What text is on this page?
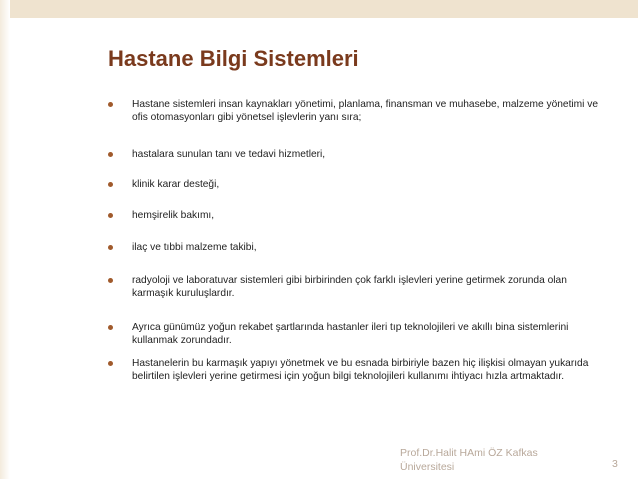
Hastane Bilgi Sistemleri
Hastane sistemleri insan kaynakları yönetimi, planlama, finansman ve muhasebe, malzeme yönetimi ve ofis otomasyonları gibi yönetsel işlevlerin yanı sıra;
hastalara sunulan tanı ve tedavi hizmetleri,
klinik karar desteği,
hemşirelik bakımı,
ilaç ve tıbbi malzeme takibi,
radyoloji ve laboratuvar sistemleri gibi birbirinden çok farklı işlevleri yerine getirmek zorunda olan karmaşık kuruluşlardır.
Ayrıca günümüz yoğun rekabet şartlarında hastanler ileri tıp teknolojileri ve akıllı bina sistemlerini kullanmak zorundadır.
Hastanelerin bu karmaşık yapıyı yönetmek ve bu esnada birbiriyle bazen hiç ilişkisi olmayan yukarıda belirtilen işlevleri yerine getirmesi için yoğun bilgi teknolojileri kullanımı ihtiyacı hızla artmaktadır.
Prof.Dr.Halit HAmi ÖZ Kafkas Üniversitesi	3
